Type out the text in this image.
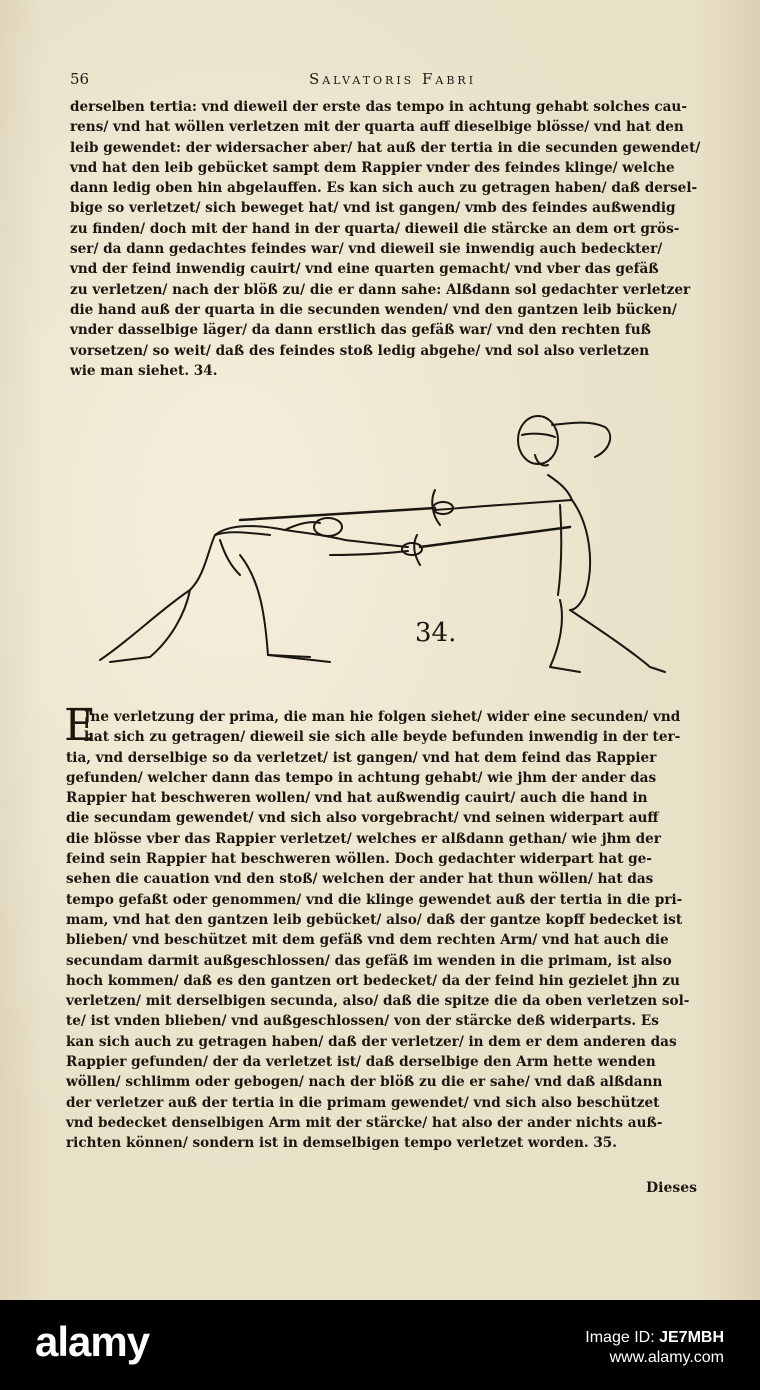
56	Salvatoris Fabri
derselben tertia: vnd dieweil der erste das tempo in achtung gehabt solches cau-
rens/ vnd hat wöllen verletzen mit der quarta auff dieselbige blösse/ vnd hat den
leib gewendet: der widersacher aber/ hat auß der tertia in die secunden gewendet/
vnd hat den leib gebücket sampt dem Rappier vnder des feindes klinge/ welche
dann ledig oben hin abgelauffen. Es kan sich auch zu getragen haben/ daß dersel-
bige so verletzet/ sich beweget hat/ vnd ist gangen/ vmb des feindes außwendig
zu finden/ doch mit der hand in der quarta/ dieweil die stärcke an dem ort grös-
ser/ da dann gedachtes feindes war/ vnd dieweil sie inwendig auch bedeckter/
vnd der feind inwendig cauirt/ vnd eine quarten gemacht/ vnd vber das gefäß
zu verletzen/ nach der blöß zu/ die er dann sahe: Alßdann sol gedachter verletzer
die hand auß der quarta in die secunden wenden/ vnd den gantzen leib bücken/
vnder dasselbige läger/ da dann erstlich das gefäß war/ vnd den rechten fuß
vorsetzen/ so weit/ daß des feindes stoß ledig abgehe/ vnd sol also verletzen
wie man siehet. 34.
34.
E
Jne verletzung der prima, die man hie folgen siehet/ wider eine secunden/ vnd
hat sich zu getragen/ dieweil sie sich alle beyde befunden inwendig in der ter-
tia, vnd derselbige so da verletzet/ ist gangen/ vnd hat dem feind das Rappier
gefunden/ welcher dann das tempo in achtung gehabt/ wie jhm der ander das
Rappier hat beschweren wollen/ vnd hat außwendig cauirt/ auch die hand in
die secundam gewendet/ vnd sich also vorgebracht/ vnd seinen widerpart auff
die blösse vber das Rappier verletzet/ welches er alßdann gethan/ wie jhm der
feind sein Rappier hat beschweren wöllen. Doch gedachter widerpart hat ge-
sehen die cauation vnd den stoß/ welchen der ander hat thun wöllen/ hat das
tempo gefaßt oder genommen/ vnd die klinge gewendet auß der tertia in die pri-
mam, vnd hat den gantzen leib gebücket/ also/ daß der gantze kopff bedecket ist
blieben/ vnd beschützet mit dem gefäß vnd dem rechten Arm/ vnd hat auch die
secundam darmit außgeschlossen/ das gefäß im wenden in die primam, ist also
hoch kommen/ daß es den gantzen ort bedecket/ da der feind hin gezielet jhn zu
verletzen/ mit derselbigen secunda, also/ daß die spitze die da oben verletzen sol-
te/ ist vnden blieben/ vnd außgeschlossen/ von der stärcke deß widerparts. Es
kan sich auch zu getragen haben/ daß der verletzer/ in dem er dem anderen das
Rappier gefunden/ der da verletzet ist/ daß derselbige den Arm hette wenden
wöllen/ schlimm oder gebogen/ nach der blöß zu die er sahe/ vnd daß alßdann
der verletzer auß der tertia in die primam gewendet/ vnd sich also beschützet
vnd bedecket denselbigen Arm mit der stärcke/ hat also der ander nichts auß-
richten können/ sondern ist in demselbigen tempo verletzet worden. 35.
Dieses
alamy	Image ID: JE7MBH
www.alamy.com
